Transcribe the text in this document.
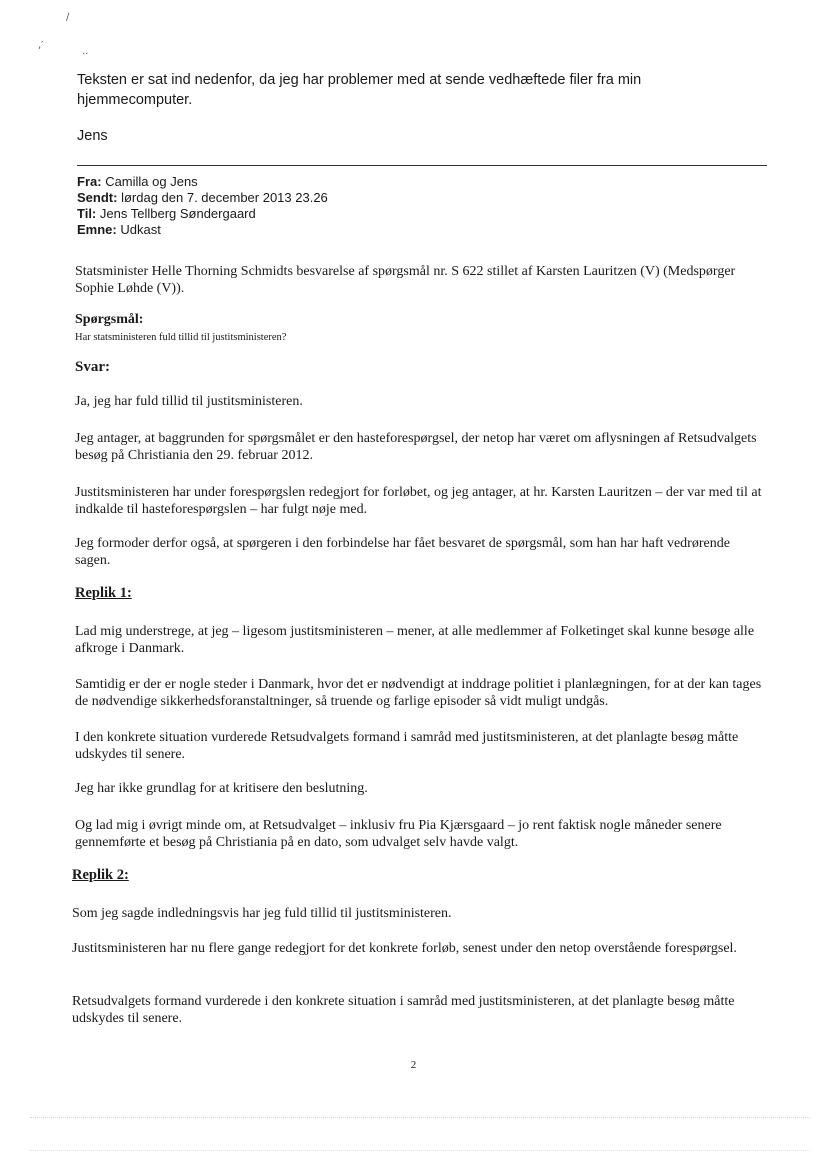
∕
,′
..

Teksten er sat ind nedenfor, da jeg har problemer med at sende vedhæftede filer fra min hjemmecomputer.

Jens

Fra: Camilla og Jens
Sendt: lørdag den 7. december 2013 23.26
Til: Jens Tellberg Søndergaard
Emne: Udkast

Statsminister Helle Thorning Schmidts besvarelse af spørgsmål nr. S 622 stillet af Karsten Lauritzen (V) (Medspørger Sophie Løhde (V)).

Spørgsmål:

Har statsministeren fuld tillid til justitsministeren?

Svar:

Ja, jeg har fuld tillid til justitsministeren.

Jeg antager, at baggrunden for spørgsmålet er den hasteforespørgsel, der netop har været om aflysningen af Retsudvalgets besøg på Christiania den 29. februar 2012.

Justitsministeren har under forespørgslen redegjort for forløbet, og jeg antager, at hr. Karsten Lauritzen – der var med til at indkalde til hasteforespørgslen – har fulgt nøje med.

Jeg formoder derfor også, at spørgeren i den forbindelse har fået besvaret de spørgsmål, som han har haft vedrørende sagen.

Replik 1:

Lad mig understrege, at jeg – ligesom justitsministeren – mener, at alle medlemmer af Folketinget skal kunne besøge alle afkroge i Danmark.

Samtidig er der er nogle steder i Danmark, hvor det er nødvendigt at inddrage politiet i planlægningen, for at der kan tages de nødvendige sikkerhedsforanstaltninger, så truende og farlige episoder så vidt muligt undgås.

I den konkrete situation vurderede Retsudvalgets formand i samråd med justitsministeren, at det planlagte besøg måtte udskydes til senere.

Jeg har ikke grundlag for at kritisere den beslutning.

Og lad mig i øvrigt minde om, at Retsudvalget – inklusiv fru Pia Kjærsgaard – jo rent faktisk nogle måneder senere gennemførte et besøg på Christiania på en dato, som udvalget selv havde valgt.

Replik 2:

Som jeg sagde indledningsvis har jeg fuld tillid til justitsministeren.

Justitsministeren har nu flere gange redegjort for det konkrete forløb, senest under den netop overstående forespørgsel.

Retsudvalgets formand vurderede i den konkrete situation i samråd med justitsministeren, at det planlagte besøg måtte udskydes til senere.

2
